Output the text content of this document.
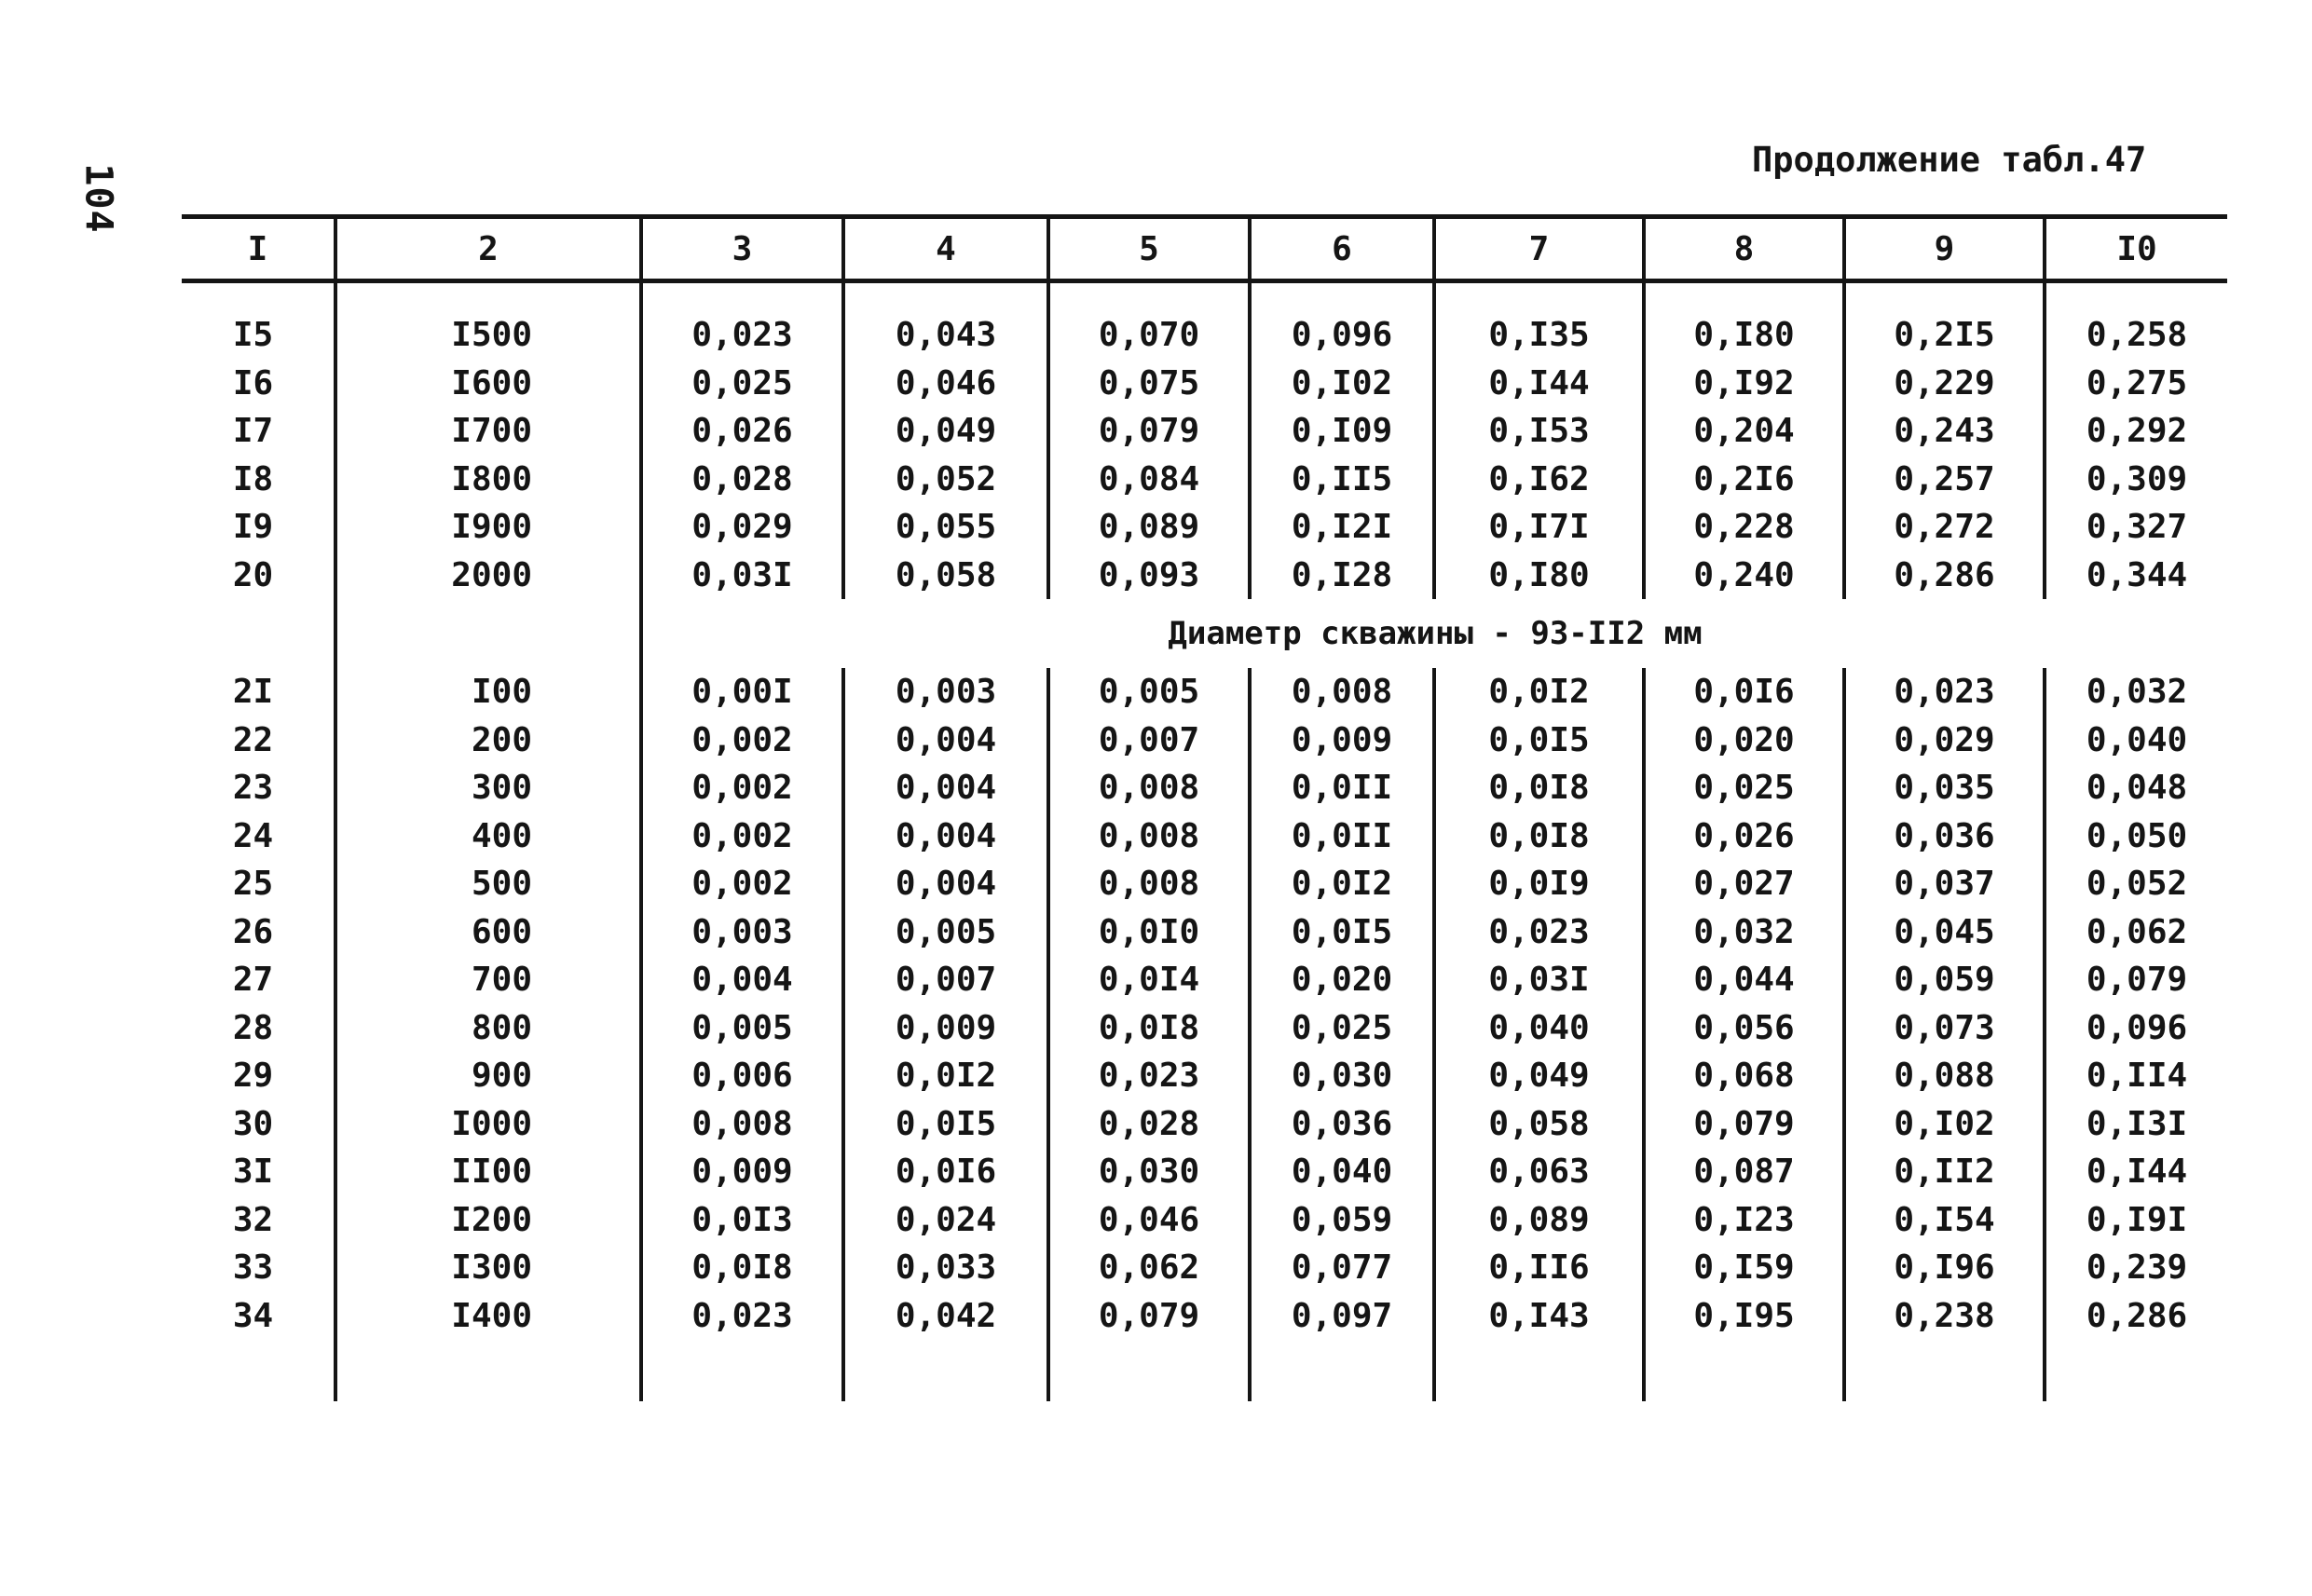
104
Продолжение табл.47
I	2	3	4	5	6	7	8	9	I0

I5	I500	0,023	0,043	0,070	0,096	0,I35	0,I80	0,2I5	0,258
I6	I600	0,025	0,046	0,075	0,I02	0,I44	0,I92	0,229	0,275
I7	I700	0,026	0,049	0,079	0,I09	0,I53	0,204	0,243	0,292
I8	I800	0,028	0,052	0,084	0,II5	0,I62	0,2I6	0,257	0,309
I9	I900	0,029	0,055	0,089	0,I2I	0,I7I	0,228	0,272	0,327
20	2000	0,03I	0,058	0,093	0,I28	0,I80	0,240	0,286	0,344
		Диаметр скважины - 93-II2 мм							
2I	I00	0,00I	0,003	0,005	0,008	0,0I2	0,0I6	0,023	0,032
22	200	0,002	0,004	0,007	0,009	0,0I5	0,020	0,029	0,040
23	300	0,002	0,004	0,008	0,0II	0,0I8	0,025	0,035	0,048
24	400	0,002	0,004	0,008	0,0II	0,0I8	0,026	0,036	0,050
25	500	0,002	0,004	0,008	0,0I2	0,0I9	0,027	0,037	0,052
26	600	0,003	0,005	0,0I0	0,0I5	0,023	0,032	0,045	0,062
27	700	0,004	0,007	0,0I4	0,020	0,03I	0,044	0,059	0,079
28	800	0,005	0,009	0,0I8	0,025	0,040	0,056	0,073	0,096
29	900	0,006	0,0I2	0,023	0,030	0,049	0,068	0,088	0,II4
30	I000	0,008	0,0I5	0,028	0,036	0,058	0,079	0,I02	0,I3I
3I	II00	0,009	0,0I6	0,030	0,040	0,063	0,087	0,II2	0,I44
32	I200	0,0I3	0,024	0,046	0,059	0,089	0,I23	0,I54	0,I9I
33	I300	0,0I8	0,033	0,062	0,077	0,II6	0,I59	0,I96	0,239
34	I400	0,023	0,042	0,079	0,097	0,I43	0,I95	0,238	0,286
